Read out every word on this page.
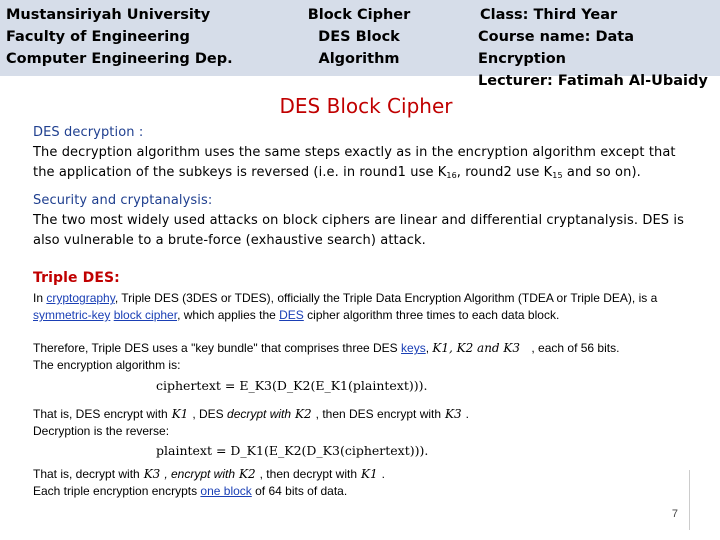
Mustansiriyah University
Faculty of Engineering
Computer Engineering Dep.
Block Cipher
DES Block Algorithm
Class: Third Year
Course name: Data Encryption
Lecturer: Fatimah Al-Ubaidy
DES Block Cipher
DES decryption :
The decryption algorithm uses the same steps exactly as in the encryption algorithm except that the application of the subkeys is reversed (i.e. in round1 use $K_{16}$, round2 use $K_{15}$ and so on).
Security and cryptanalysis:
The two most widely used attacks on block ciphers are linear and differential cryptanalysis. DES is also vulnerable to a brute-force (exhaustive search) attack.
Triple DES:
In cryptography, Triple DES (3DES or TDES), officially the Triple Data Encryption Algorithm (TDEA or Triple DEA), is a symmetric-key block cipher, which applies the DES cipher algorithm three times to each data block.
Therefore, Triple DES uses a "key bundle" that comprises three DES keys, K1, K2 and K3 , each of 56 bits.
The encryption algorithm is:
ciphertext = E_K3(D_K2(E_K1(plaintext))).
That is, DES encrypt with K1 , DES decrypt with K2 , then DES encrypt with K3 .
Decryption is the reverse:
plaintext = D_K1(E_K2(D_K3(ciphertext))).
That is, decrypt with K3 , encrypt with K2 , then decrypt with K1 .
Each triple encryption encrypts one block of 64 bits of data.
7
